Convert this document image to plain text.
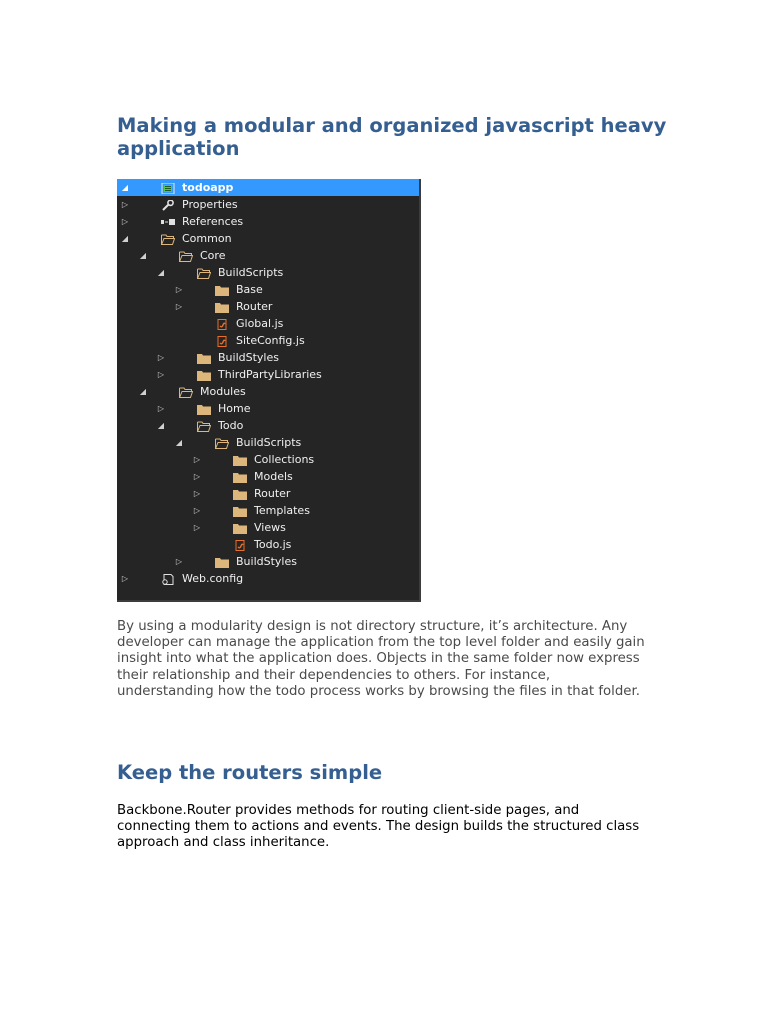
Making a modular and organized javascript heavy application
◢	todoapp
▷	Properties
▷	References
◢	Common
◢	Core
◢	BuildScripts
▷	Base
▷	Router
Global.js
SiteConfig.js
▷	BuildStyles
▷	ThirdPartyLibraries
◢	Modules
▷	Home
◢	Todo
◢	BuildScripts
▷	Collections
▷	Models
▷	Router
▷	Templates
▷	Views
Todo.js
▷	BuildStyles
▷	Web.config

By using a modularity design is not directory structure, it’s architecture. Any developer can manage the application from the top level folder and easily gain insight into what the application does. Objects in the same folder now express their relationship and their dependencies to others. For instance, understanding how the todo process works by browsing the files in that folder.

Keep the routers simple

Backbone.Router provides methods for routing client-side pages, and connecting them to actions and events. The design builds the structured class approach and class inheritance.
